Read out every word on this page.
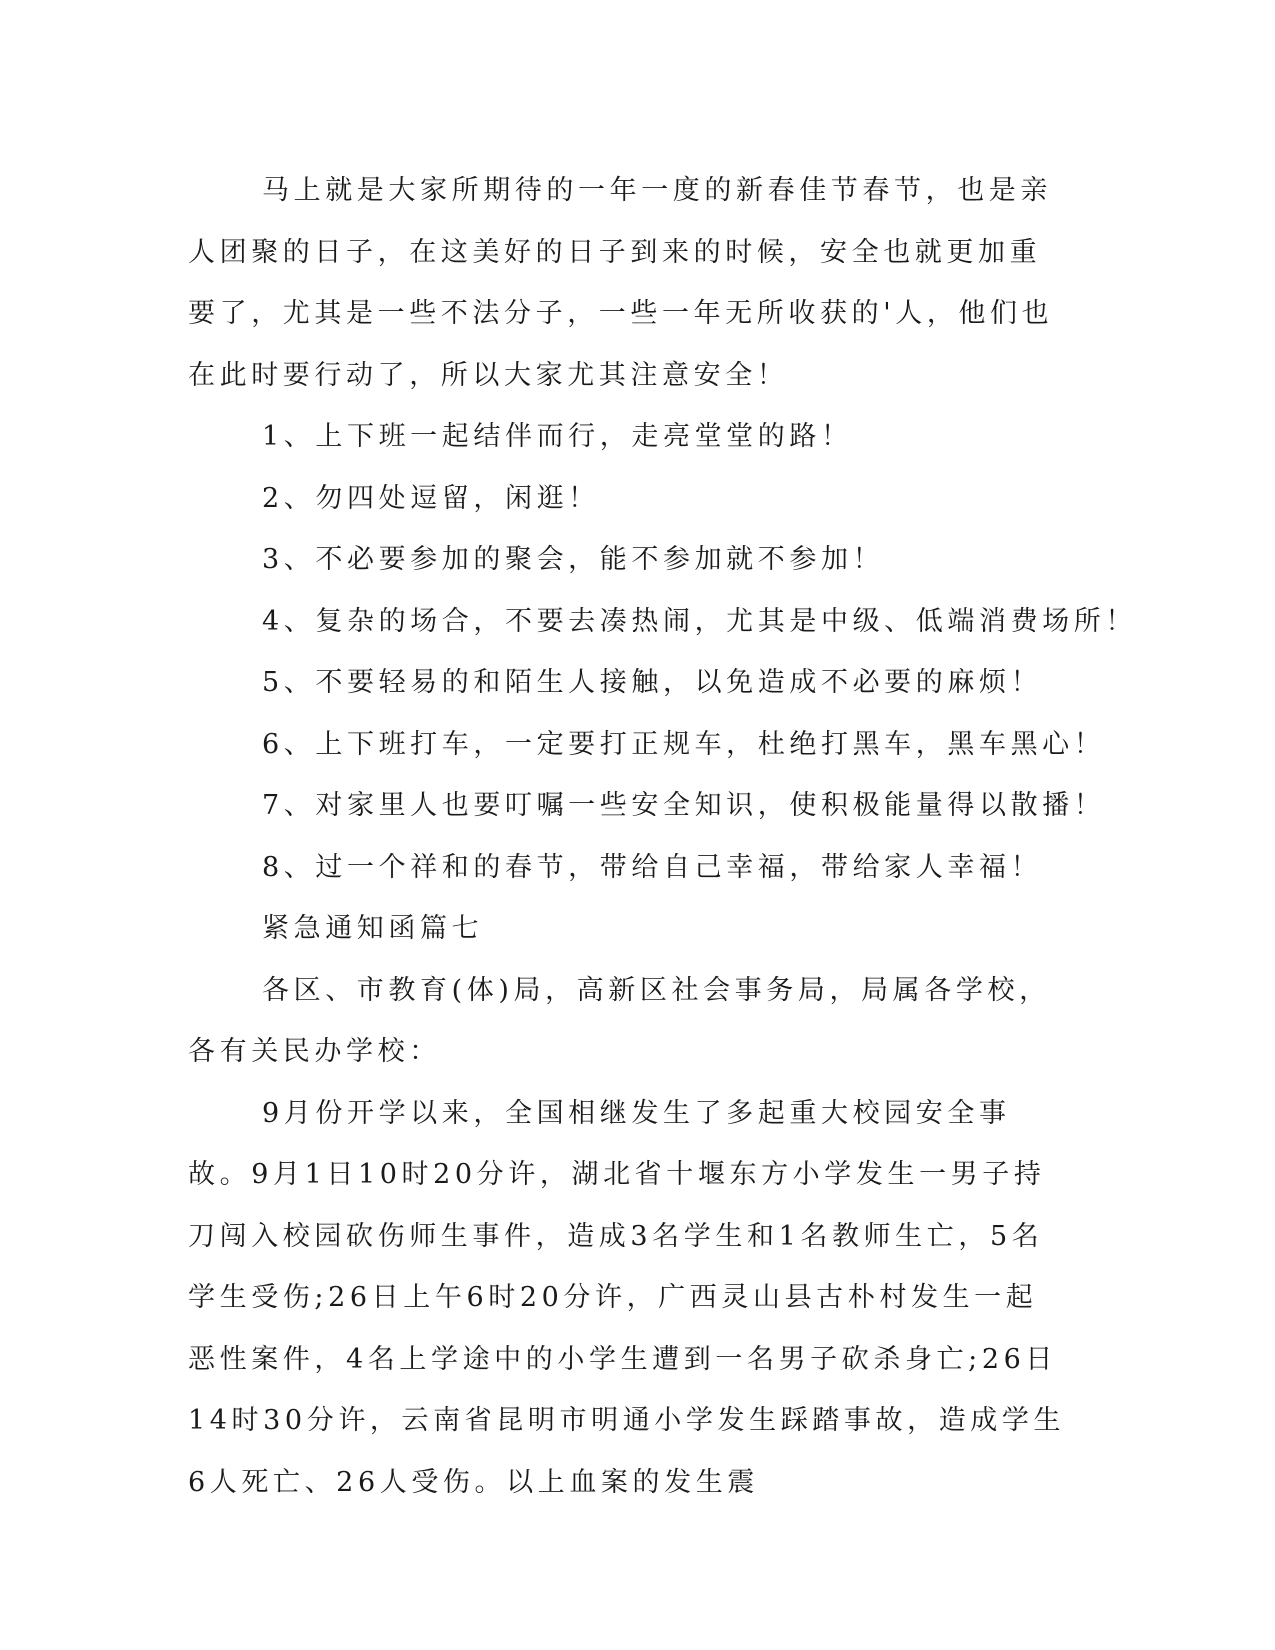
马上就是大家所期待的一年一度的新春佳节春节，也是亲人团聚的日子，在这美好的日子到来的时候，安全也就更加重要了，尤其是一些不法分子，一些一年无所收获的'人，他们也在此时要行动了，所以大家尤其注意安全！

1、上下班一起结伴而行，走亮堂堂的路！

2、勿四处逗留，闲逛！

3、不必要参加的聚会，能不参加就不参加！

4、复杂的场合，不要去凑热闹，尤其是中级、低端消费场所！

5、不要轻易的和陌生人接触，以免造成不必要的麻烦！

6、上下班打车，一定要打正规车，杜绝打黑车，黑车黑心！

7、对家里人也要叮嘱一些安全知识，使积极能量得以散播！

8、过一个祥和的春节，带给自己幸福，带给家人幸福！

紧急通知函篇七

各区、市教育(体)局，高新区社会事务局，局属各学校，各有关民办学校：

9月份开学以来，全国相继发生了多起重大校园安全事故。9月1日10时20分许，湖北省十堰东方小学发生一男子持刀闯入校园砍伤师生事件，造成3名学生和1名教师生亡，5名学生受伤;26日上午6时20分许，广西灵山县古朴村发生一起恶性案件，4名上学途中的小学生遭到一名男子砍杀身亡;26日14时30分许，云南省昆明市明通小学发生踩踏事故，造成学生6人死亡、26人受伤。以上血案的发生震
